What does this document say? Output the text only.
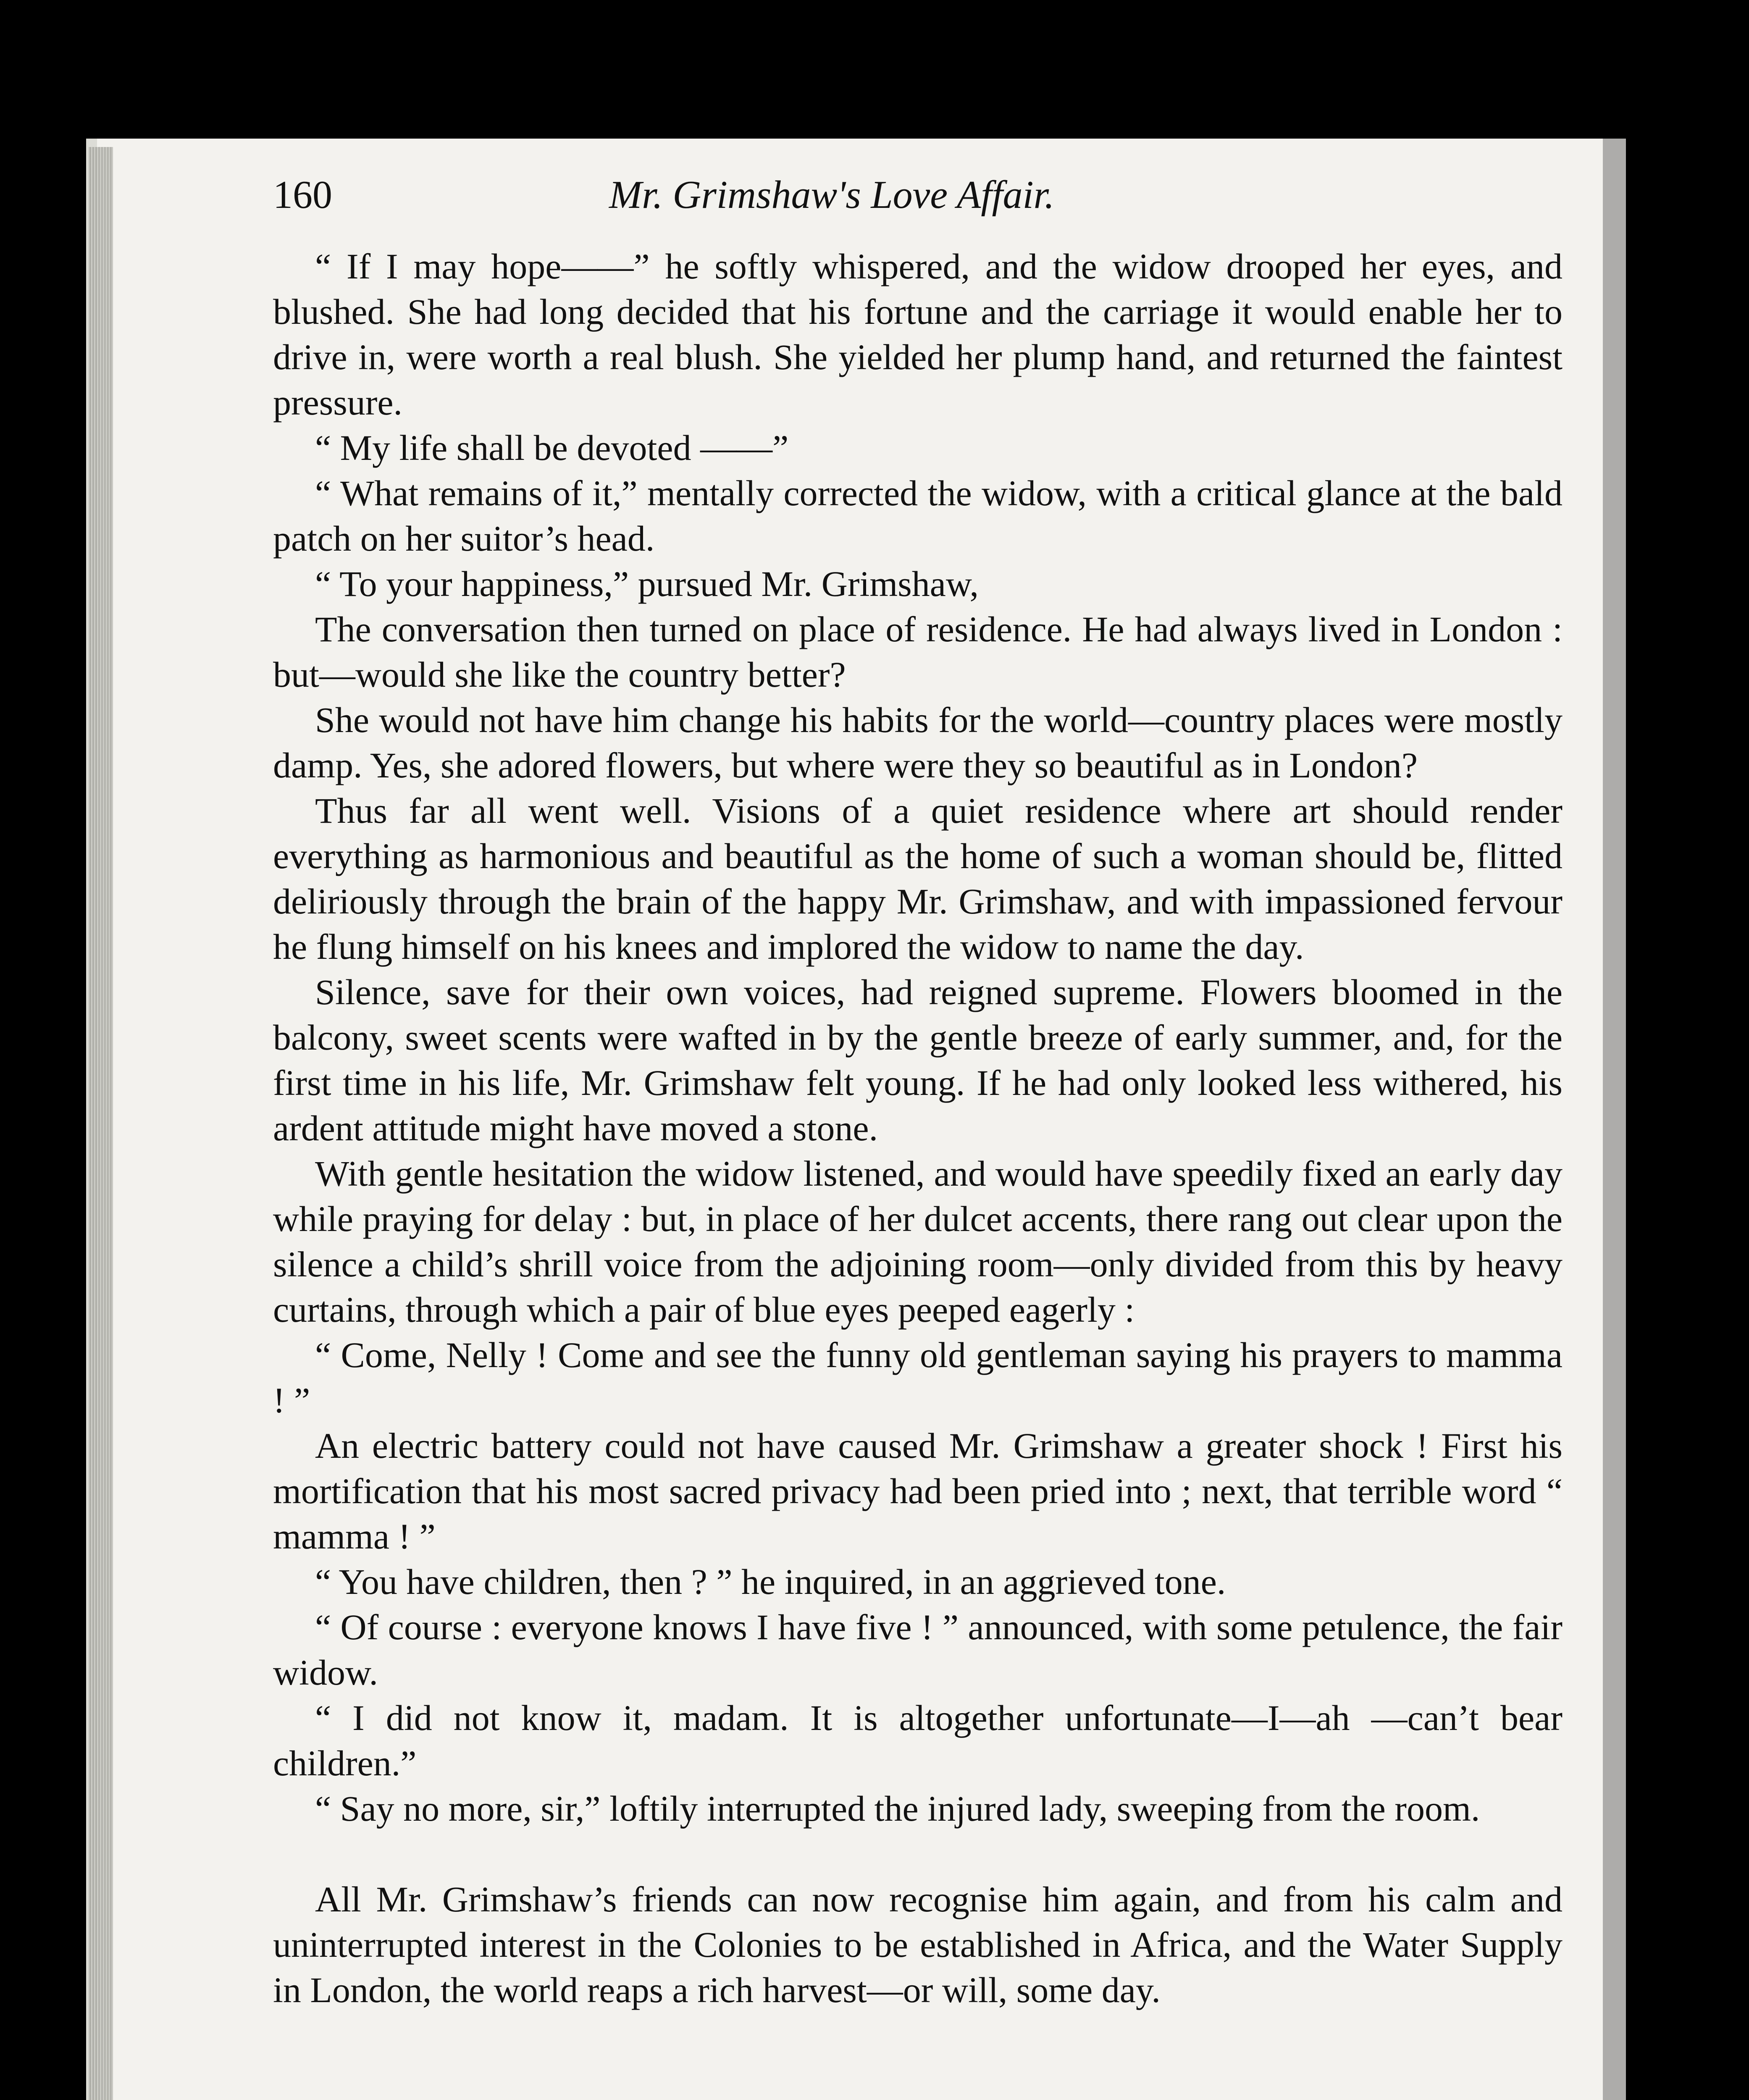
160	Mr. Grimshaw's Love Affair.

“ If I may hope——” he softly whispered, and the widow drooped her eyes, and blushed. She had long decided that his fortune and the carriage it would enable her to drive in, were worth a real blush. She yielded her plump hand, and returned the faintest pressure.

“ My life shall be devoted ——”

“ What remains of it,” mentally corrected the widow, with a critical glance at the bald patch on her suitor’s head.

“ To your happiness,” pursued Mr. Grimshaw,

The conversation then turned on place of residence. He had always lived in London : but—would she like the country better?

She would not have him change his habits for the world—country places were mostly damp. Yes, she adored flowers, but where were they so beautiful as in London?

Thus far all went well. Visions of a quiet residence where art should render everything as harmonious and beautiful as the home of such a woman should be, flitted deliriously through the brain of the happy Mr. Grimshaw, and with impassioned fervour he flung himself on his knees and implored the widow to name the day.

Silence, save for their own voices, had reigned supreme. Flowers bloomed in the balcony, sweet scents were wafted in by the gentle breeze of early summer, and, for the first time in his life, Mr. Grimshaw felt young. If he had only looked less withered, his ardent attitude might have moved a stone.

With gentle hesitation the widow listened, and would have speedily fixed an early day while praying for delay : but, in place of her dulcet accents, there rang out clear upon the silence a child’s shrill voice from the adjoining room—only divided from this by heavy curtains, through which a pair of blue eyes peeped eagerly :

“ Come, Nelly ! Come and see the funny old gentleman saying his prayers to mamma ! ”

An electric battery could not have caused Mr. Grimshaw a greater shock ! First his mortification that his most sacred privacy had been pried into ; next, that terrible word “ mamma ! ”

“ You have children, then ? ” he inquired, in an aggrieved tone.

“ Of course : everyone knows I have five ! ” announced, with some petulence, the fair widow.

“ I did not know it, madam. It is altogether unfortunate—I—ah —can’t bear children.”

“ Say no more, sir,” loftily interrupted the injured lady, sweeping from the room.

All Mr. Grimshaw’s friends can now recognise him again, and from his calm and uninterrupted interest in the Colonies to be established in Africa, and the Water Supply in London, the world reaps a rich harvest—or will, some day.
